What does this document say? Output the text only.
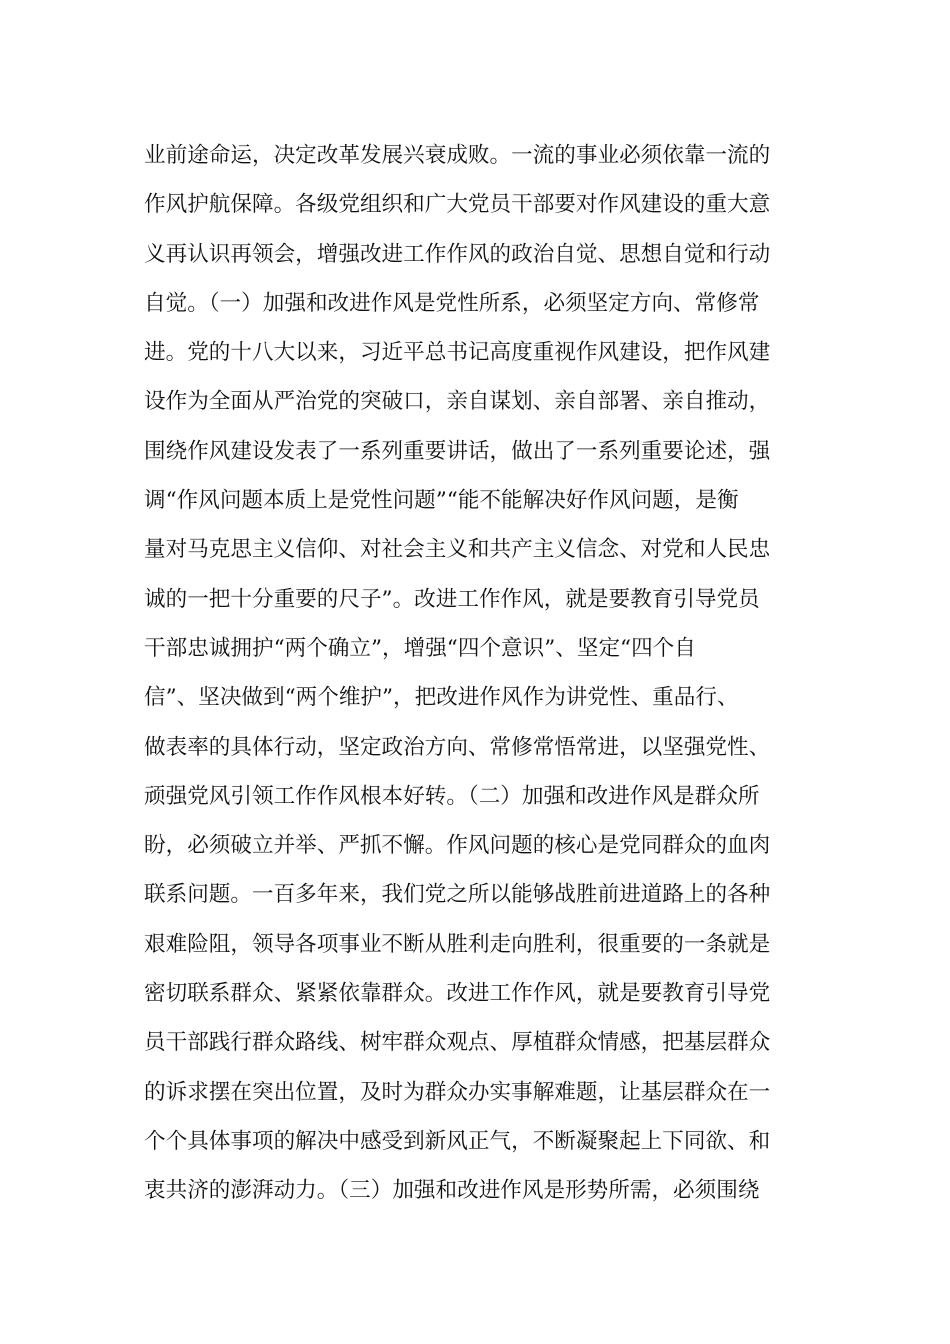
业前途命运，决定改革发展兴衰成败。一流的事业必须依靠一流的
作风护航保障。各级党组织和广大党员干部要对作风建设的重大意
义再认识再领会，增强改进工作作风的政治自觉、思想自觉和行动
自觉。（一）加强和改进作风是党性所系，必须坚定方向、常修常
进。党的十八大以来，习近平总书记高度重视作风建设，把作风建
设作为全面从严治党的突破口，亲自谋划、亲自部署、亲自推动，
围绕作风建设发表了一系列重要讲话，做出了一系列重要论述，强
调“作风问题本质上是党性问题”“能不能解决好作风问题，是衡
量对马克思主义信仰、对社会主义和共产主义信念、对党和人民忠
诚的一把十分重要的尺子”。改进工作作风，就是要教育引导党员
干部忠诚拥护“两个确立”，增强“四个意识”、坚定“四个自
信”、坚决做到“两个维护”，把改进作风作为讲党性、重品行、
做表率的具体行动，坚定政治方向、常修常悟常进，以坚强党性、
顽强党风引领工作作风根本好转。（二）加强和改进作风是群众所
盼，必须破立并举、严抓不懈。作风问题的核心是党同群众的血肉
联系问题。一百多年来，我们党之所以能够战胜前进道路上的各种
艰难险阻，领导各项事业不断从胜利走向胜利，很重要的一条就是
密切联系群众、紧紧依靠群众。改进工作作风，就是要教育引导党
员干部践行群众路线、树牢群众观点、厚植群众情感，把基层群众
的诉求摆在突出位置，及时为群众办实事解难题，让基层群众在一
个个具体事项的解决中感受到新风正气，不断凝聚起上下同欲、和
衷共济的澎湃动力。（三）加强和改进作风是形势所需，必须围绕
